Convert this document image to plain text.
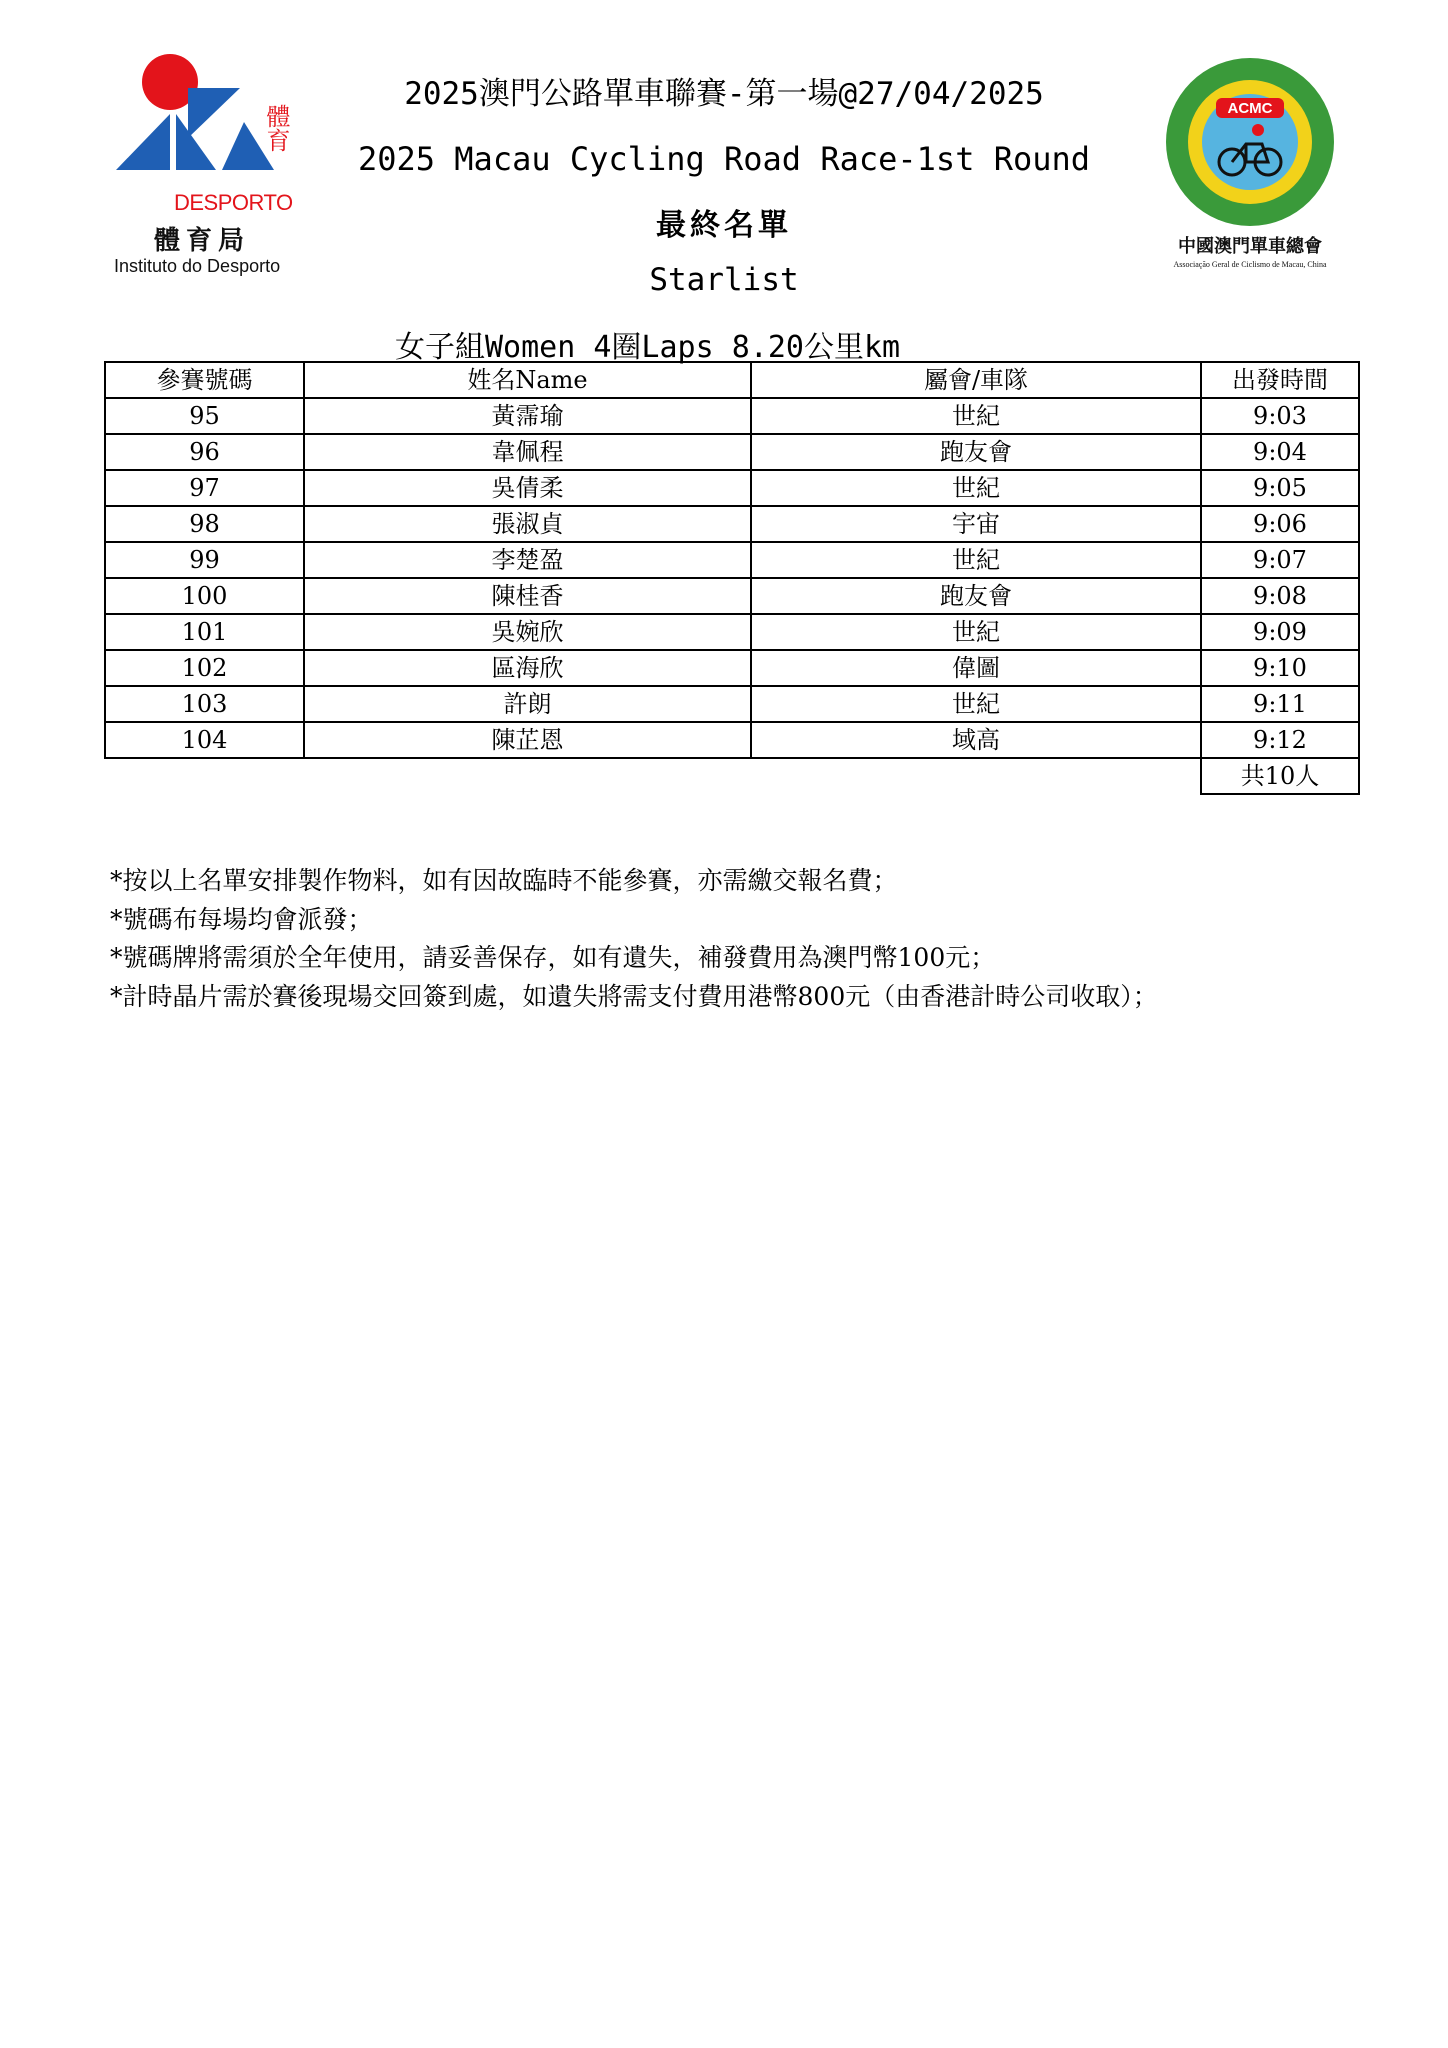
體育
DESPORTO
體育局
Instituto do Desporto
ACMC
中國澳門單車總會
Associação Geral de Ciclismo de Macau, China
2025澳門公路單車聯賽-第一場@27/04/2025
2025 Macau Cycling Road Race-1st Round
最終名單
Starlist
女子組Women 4圈Laps 8.20公里km
參賽號碼	姓名Name	屬會/車隊	出發時間
95	黃霈瑜	世紀	9:03
96	韋佩程	跑友會	9:04
97	吳倩柔	世紀	9:05
98	張淑貞	宇宙	9:06
99	李楚盈	世紀	9:07
100	陳桂香	跑友會	9:08
101	吳婉欣	世紀	9:09
102	區海欣	偉圖	9:10
103	許朗	世紀	9:11
104	陳芷恩	域高	9:12
			共10人
*按以上名單安排製作物料，如有因故臨時不能參賽，亦需繳交報名費；
*號碼布每場均會派發；
*號碼牌將需須於全年使用，請妥善保存，如有遺失，補發費用為澳門幣100元；
*計時晶片需於賽後現場交回簽到處，如遺失將需支付費用港幣800元（由香港計時公司收取）；
